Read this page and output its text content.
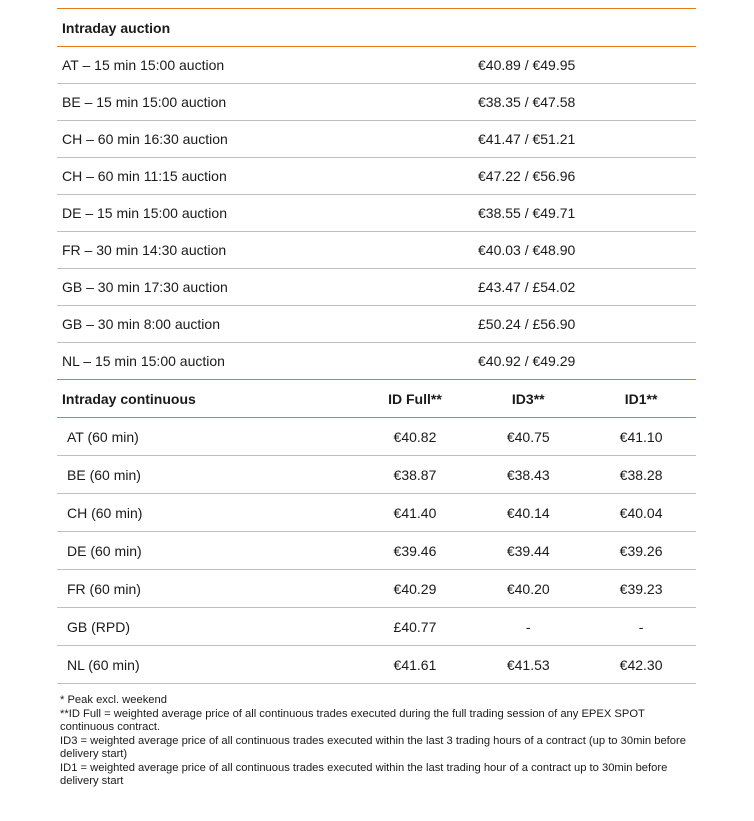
Intraday auction
AT – 15 min 15:00 auction	€40.89 / €49.95
BE – 15 min 15:00 auction	€38.35 / €47.58
CH – 60 min 16:30 auction	€41.47 / €51.21
CH – 60 min 11:15 auction	€47.22 / €56.96
DE – 15 min 15:00 auction	€38.55 / €49.71
FR – 30 min 14:30 auction	€40.03 / €48.90
GB – 30 min 17:30 auction	£43.47 / £54.02
GB – 30 min 8:00 auction	£50.24 / £56.90
NL – 15 min 15:00 auction	€40.92 / €49.29
Intraday continuous	ID Full**	ID3**	ID1**
AT (60 min)	€40.82	€40.75	€41.10
BE (60 min)	€38.87	€38.43	€38.28
CH (60 min)	€41.40	€40.14	€40.04
DE (60 min)	€39.46	€39.44	€39.26
FR (60 min)	€40.29	€40.20	€39.23
GB (RPD)	£40.77	-	-
NL (60 min)	€41.61	€41.53	€42.30
* Peak excl. weekend
**ID Full = weighted average price of all continuous trades executed during the full trading session of any EPEX SPOT continuous contract.
ID3 = weighted average price of all continuous trades executed within the last 3 trading hours of a contract (up to 30min before delivery start)
ID1 = weighted average price of all continuous trades executed within the last trading hour of a contract up to 30min before delivery start
